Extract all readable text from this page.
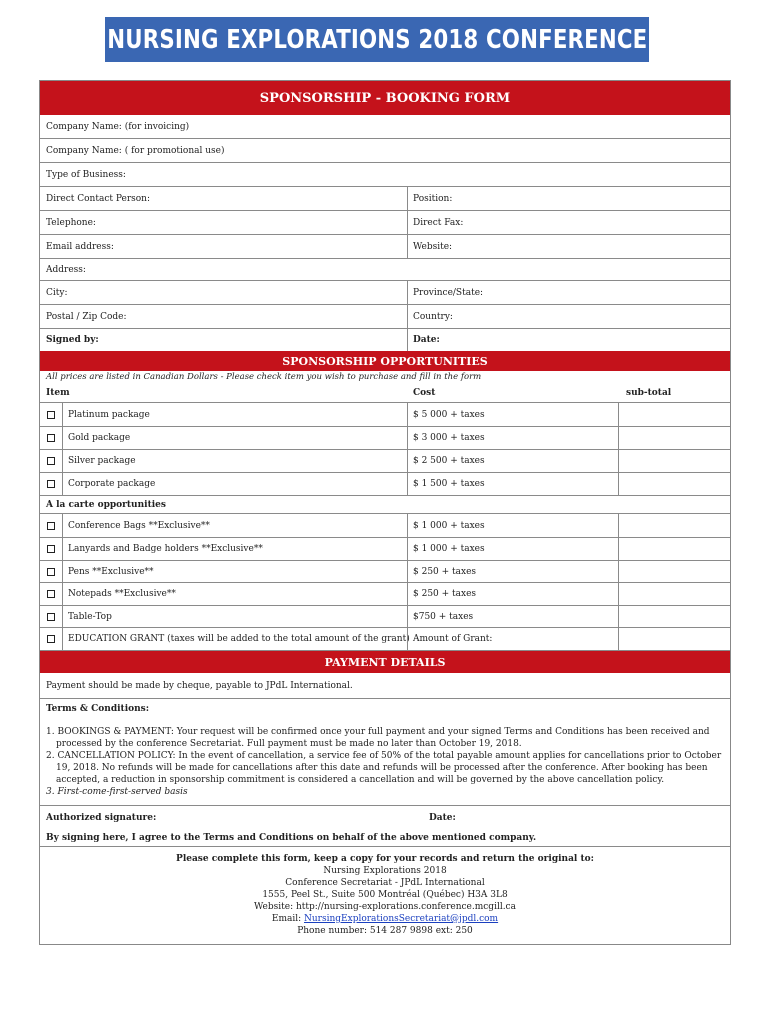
NURSING EXPLORATIONS 2018 CONFERENCE
SPONSORSHIP - BOOKING FORM
Company Name: (for invoicing)
Company Name: ( for promotional use)
Type of Business:
Direct Contact Person:	Position:
Telephone:	Direct Fax:
Email address:	Website:
Address:
City:	Province/State:
Postal / Zip Code:	Country:
Signed by:	Date:
SPONSORSHIP OPPORTUNITIES
All prices are listed in Canadian Dollars - Please check item you wish to purchase and fill in the form
Item	Cost	sub-total
Platinum package	$ 5 000 + taxes
Gold package	$ 3 000 + taxes
Silver package	$ 2 500 + taxes
Corporate package	$ 1 500 + taxes
A la carte opportunities
Conference Bags **Exclusive**	$ 1 000 + taxes
Lanyards and Badge holders **Exclusive**	$ 1 000 + taxes
Pens **Exclusive**	$ 250 + taxes
Notepads **Exclusive**	$ 250 + taxes
Table-Top	$750 + taxes
EDUCATION GRANT (taxes will be added to the total amount of the grant) Amount of Grant:
PAYMENT DETAILS
Payment should be made by cheque, payable to JPdL International.
Terms & Conditions:

1. BOOKINGS & PAYMENT: Your request will be confirmed once your full payment and your signed Terms and Conditions has been received and processed by the conference Secretariat. Full payment must be made no later than October 19, 2018.

2. CANCELLATION POLICY: In the event of cancellation, a service fee of 50% of the total payable amount applies for cancellations prior to October 19, 2018. No refunds will be made for cancellations after this date and refunds will be processed after the conference. After booking has been accepted, a reduction in sponsorship commitment is considered a cancellation and will be governed by the above cancellation policy.

3. First-come-first-served basis

Authorized signature:	Date:
By signing here, I agree to the Terms and Conditions on behalf of the above mentioned company.
Please complete this form, keep a copy for your records and return the original to:
Nursing Explorations 2018
Conference Secretariat - JPdL International
1555, Peel St., Suite 500 Montréal (Québec) H3A 3L8
Website: http://nursing-explorations.conference.mcgill.ca
Email: NursingExplorationsSecretariat@jpdl.com
Phone number: 514 287 9898 ext: 250
